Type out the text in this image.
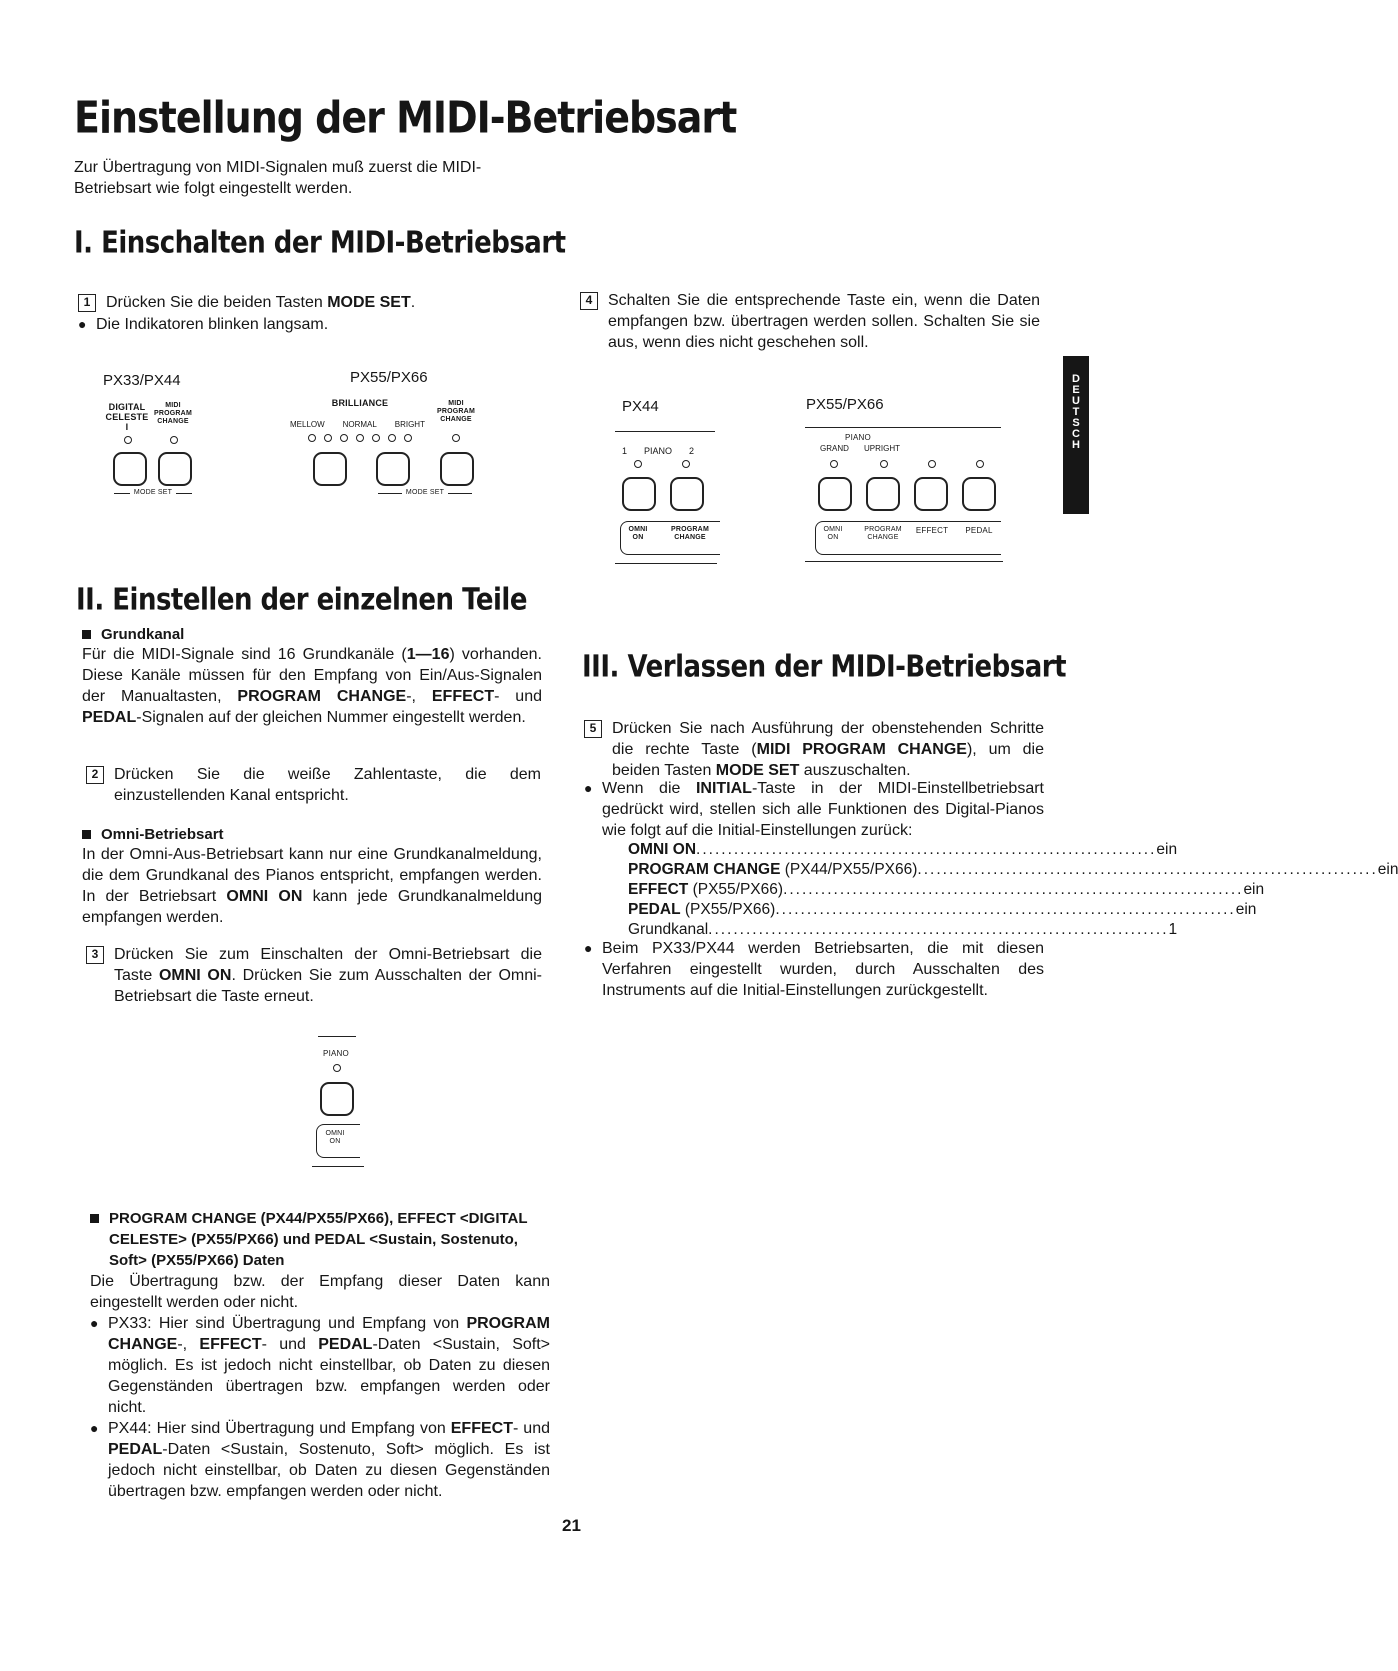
Einstellung der MIDI-Betriebsart
Zur Übertragung von MIDI-Signalen muß zuerst die MIDI-Betriebsart wie folgt eingestellt werden.
I. Einschalten der MIDI-Betriebsart
1 Drücken Sie die beiden Tasten MODE SET.
● Die Indikatoren blinken langsam.
PX33/PX44
DIGITAL
CELESTE
I
MIDI
PROGRAM
CHANGE
MODE SET
PX55/PX66
BRILLIANCE	MIDI
PROGRAM
CHANGE
MELLOW NORMAL BRIGHT
MODE SET
4 Schalten Sie die entsprechende Taste ein, wenn die Daten empfangen bzw. übertragen werden sollen. Schalten Sie sie aus, wenn dies nicht geschehen soll.
PX44
1 PIANO 2
OMNI
ON
PROGRAM
CHANGE
PX55/PX66
PIANO
GRAND UPRIGHT
OMNI
ON
PROGRAM
CHANGE
EFFECT	PEDAL
D
E
U
T
S
C
H
II. Einstellen der einzelnen Teile
Grundkanal
Für die MIDI-Signale sind 16 Grundkanäle (1—16) vorhanden. Diese Kanäle müssen für den Empfang von Ein/Aus-Signalen der Manualtasten, PROGRAM CHANGE-, EFFECT- und PEDAL-Signalen auf der gleichen Nummer eingestellt werden.
2 Drücken Sie die weiße Zahlentaste, die dem einzustellenden Kanal entspricht.
Omni-Betriebsart
In der Omni-Aus-Betriebsart kann nur eine Grundkanalmeldung, die dem Grundkanal des Pianos entspricht, empfangen werden. In der Betriebsart OMNI ON kann jede Grundkanalmeldung empfangen werden.
3 Drücken Sie zum Einschalten der Omni-Betriebsart die Taste OMNI ON. Drücken Sie zum Ausschalten der Omni-Betriebsart die Taste erneut.
PIANO
OMNI
ON
PROGRAM CHANGE (PX44/PX55/PX66), EFFECT <DIGITAL
CELESTE> (PX55/PX66) und PEDAL <Sustain, Sostenuto,
Soft> (PX55/PX66) Daten
Die Übertragung bzw. der Empfang dieser Daten kann eingestellt werden oder nicht.
● PX33: Hier sind Übertragung und Empfang von PROGRAM CHANGE-, EFFECT- und PEDAL-Daten <Sustain, Soft> möglich. Es ist jedoch nicht einstellbar, ob Daten zu diesen Gegenständen übertragen bzw. empfangen werden oder nicht.
● PX44: Hier sind Übertragung und Empfang von EFFECT- und PEDAL-Daten <Sustain, Sostenuto, Soft> möglich. Es ist jedoch nicht einstellbar, ob Daten zu diesen Gegenständen übertragen bzw. empfangen werden oder nicht.
III. Verlassen der MIDI-Betriebsart
5 Drücken Sie nach Ausführung der obenstehenden Schritte die rechte Taste (MIDI PROGRAM CHANGE), um die beiden Tasten MODE SET auszuschalten.
● Wenn die INITIAL-Taste in der MIDI-Einstellbetriebsart gedrückt wird, stellen sich alle Funktionen des Digital-Pianos wie folgt auf die Initial-Einstellungen zurück:
OMNI ON ......................................................................... ein
PROGRAM CHANGE (PX44/PX55/PX66) ......................................................................... ein
EFFECT (PX55/PX66) ......................................................................... ein
PEDAL (PX55/PX66) ......................................................................... ein
Grundkanal ......................................................................... 1
● Beim PX33/PX44 werden Betriebsarten, die mit diesen Verfahren eingestellt wurden, durch Ausschalten des Instruments auf die Initial-Einstellungen zurückgestellt.
21
